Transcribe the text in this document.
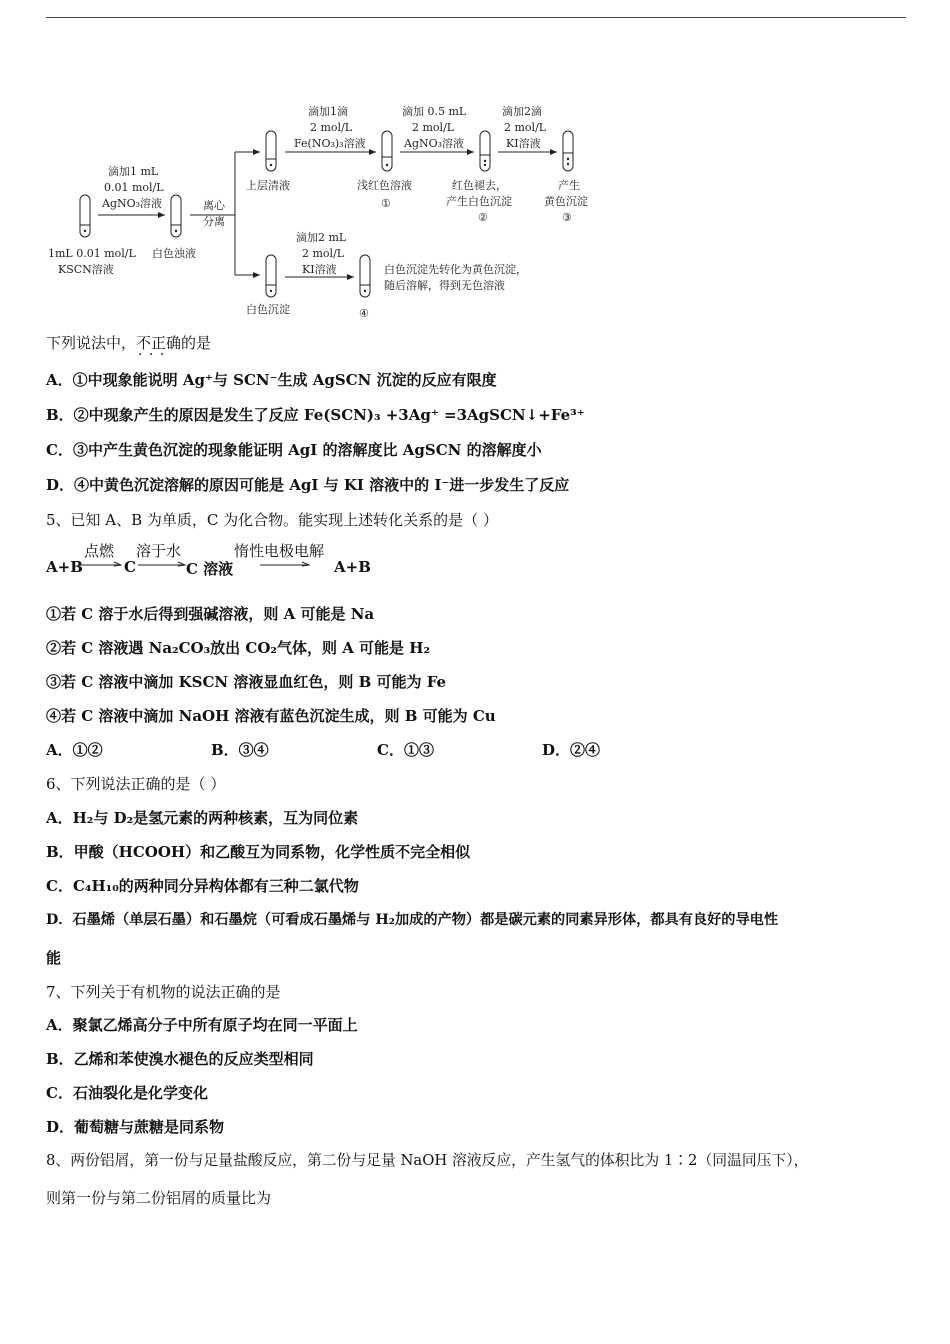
1mL 0.01 mol/L
KSCN溶液
滴加1 mL
0.01 mol/L
AgNO₃溶液
白色浊液
离心
分离
上层清液
滴加1滴
2 mol/L
Fe(NO₃)₃溶液
浅红色溶液
①
滴加 0.5 mL
2 mol/L
AgNO₃溶液
红色褪去，
产生白色沉淀
②
滴加2滴
2 mol/L
KI溶液
产生
黄色沉淀
③
白色沉淀
滴加2 mL
2 mol/L
KI溶液
④
白色沉淀先转化为黄色沉淀，
随后溶解，得到无色溶液
下列说法中，不正确 · · ·的是
A．①中现象能说明 Ag⁺与 SCN⁻生成 AgSCN 沉淀的反应有限度
B．②中现象产生的原因是发生了反应 Fe(SCN)₃ +3Ag⁺ =3AgSCN↓+Fe³⁺
C．③中产生黄色沉淀的现象能证明 AgI 的溶解度比 AgSCN 的溶解度小
D．④中黄色沉淀溶解的原因可能是 AgI 与 KI 溶液中的 I⁻进一步发生了反应
5、已知 A、B 为单质，C 为化合物。能实现上述转化关系的是（ ）
点燃 溶于水	惰性电极电解
A+B	C	C 溶液	A+B
①若 C 溶于水后得到强碱溶液，则 A 可能是 Na
②若 C 溶液遇 Na₂CO₃放出 CO₂气体，则 A 可能是 H₂
③若 C 溶液中滴加 KSCN 溶液显血红色，则 B 可能为 Fe
④若 C 溶液中滴加 NaOH 溶液有蓝色沉淀生成，则 B 可能为 Cu
A．①②	B．③④	C．①③	D．②④
6、下列说法正确的是（ ）
A．H₂与 D₂是氢元素的两种核素，互为同位素
B．甲酸（HCOOH）和乙酸互为同系物，化学性质不完全相似
C．C₄H₁₀的两种同分异构体都有三种二氯代物
D．石墨烯（单层石墨）和石墨烷（可看成石墨烯与 H₂加成的产物）都是碳元素的同素异形体，都具有良好的导电性
能
7、下列关于有机物的说法正确的是
A．聚氯乙烯高分子中所有原子均在同一平面上
B．乙烯和苯使溴水褪色的反应类型相同
C．石油裂化是化学变化
D．葡萄糖与蔗糖是同系物
8、两份铝屑，第一份与足量盐酸反应，第二份与足量 NaOH 溶液反应，产生氢气的体积比为 1∶2（同温同压下），
则第一份与第二份铝屑的质量比为
